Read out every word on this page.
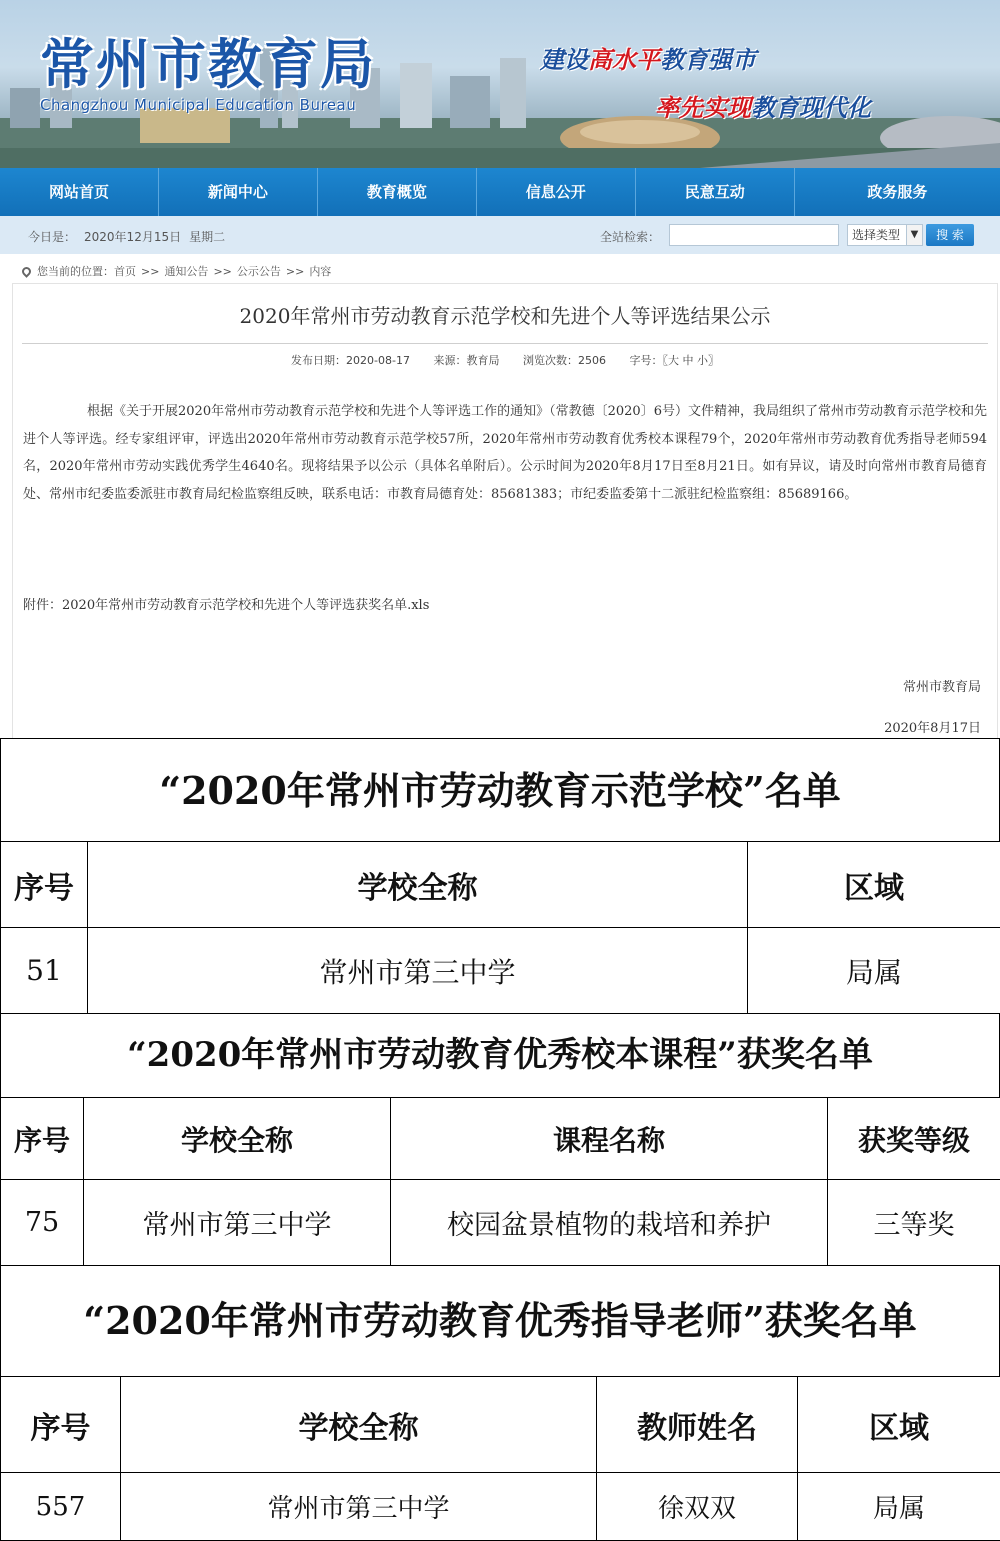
常州市教育局
Changzhou Municipal Education Bureau
建设高水平教育强市
率先实现教育现代化
网站首页	新闻中心	教育概览	信息公开	民意互动	政务服务
今日是： 2020年12月15日 星期二	全站检索：	选择类型	▼	搜 索
您当前的位置：首页 >> 通知公告 >> 公示公告 >> 内容
2020年常州市劳动教育示范学校和先进个人等评选结果公示
发布日期：2020-08-17 来源：教育局 浏览次数：2506 字号：〖大 中 小〗
根据《关于开展2020年常州市劳动教育示范学校和先进个人等评选工作的通知》（常教德〔2020〕6号）文件精神，我局组织了常州市劳动教育示范学校和先进个人等评选。经专家组评审，评选出2020年常州市劳动教育示范学校57所，2020年常州市劳动教育优秀校本课程79个，2020年常州市劳动教育优秀指导老师594名，2020年常州市劳动实践优秀学生4640名。现将结果予以公示（具体名单附后）。公示时间为2020年8月17日至8月21日。如有异议，请及时向常州市教育局德育处、常州市纪委监委派驻市教育局纪检监察组反映，联系电话：市教育局德育处：85681383；市纪委监委第十二派驻纪检监察组：85689166。
附件：2020年常州市劳动教育示范学校和先进个人等评选获奖名单.xls
常州市教育局
2020年8月17日
“2020年常州市劳动教育示范学校”名单
序号	学校全称	区域
51	常州市第三中学	局属
“2020年常州市劳动教育优秀校本课程”获奖名单
序号	学校全称	课程名称	获奖等级
75	常州市第三中学	校园盆景植物的栽培和养护	三等奖
“2020年常州市劳动教育优秀指导老师”获奖名单
序号	学校全称	教师姓名	区域
557	常州市第三中学	徐双双	局属
